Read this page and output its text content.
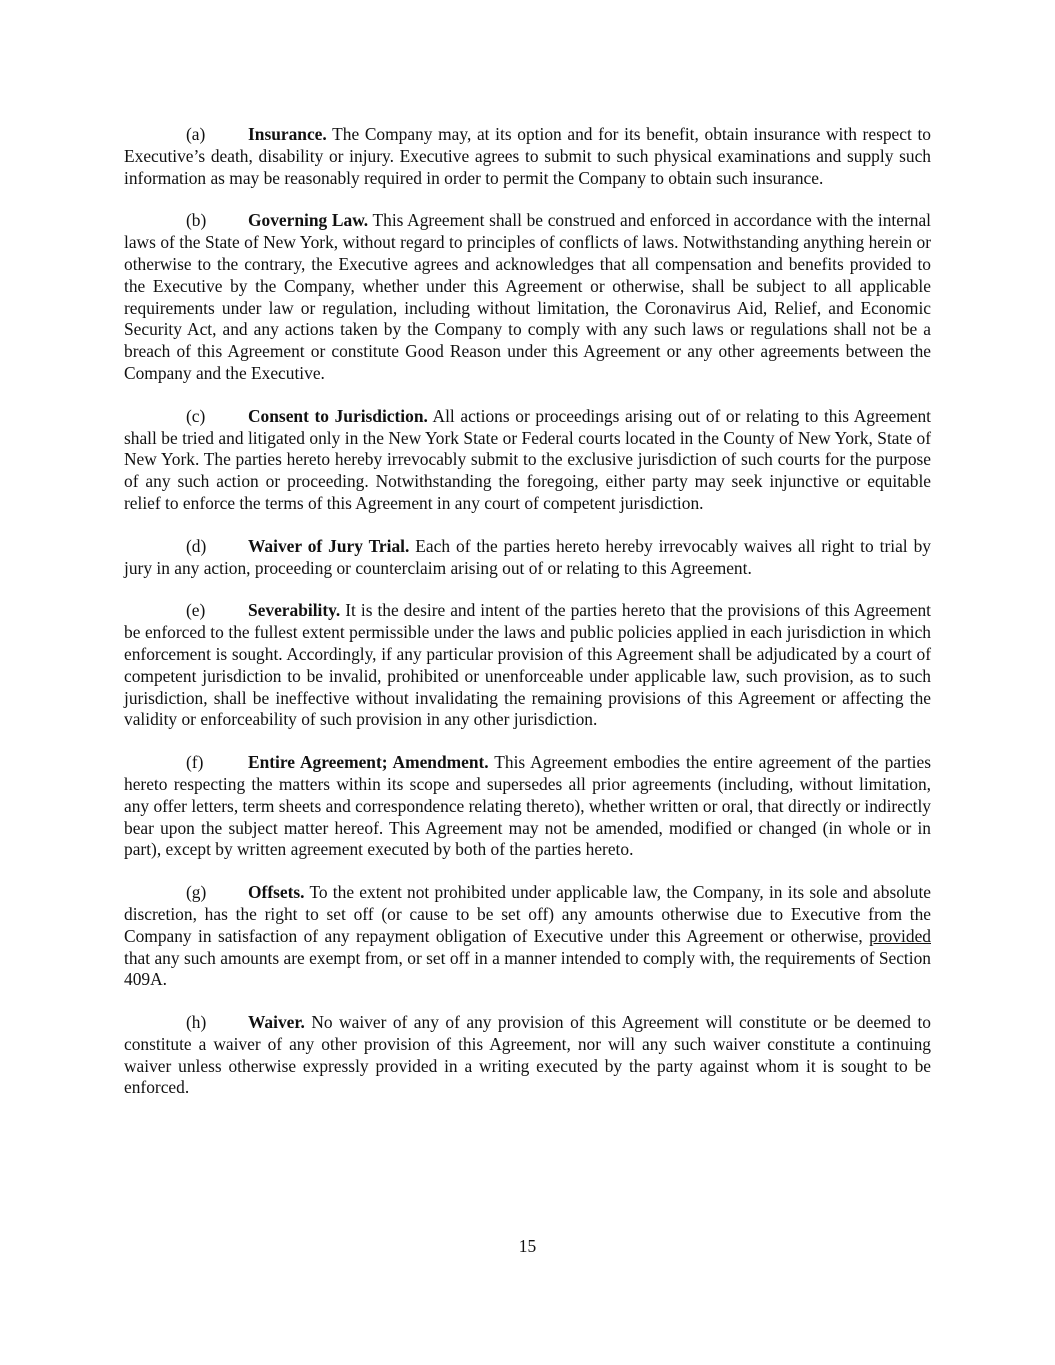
(a) Insurance. The Company may, at its option and for its benefit, obtain insurance with respect to Executive’s death, disability or injury. Executive agrees to submit to such physical examinations and supply such information as may be reasonably required in order to permit the Company to obtain such insurance.

(b) Governing Law. This Agreement shall be construed and enforced in accordance with the internal laws of the State of New York, without regard to principles of conflicts of laws. Notwithstanding anything herein or otherwise to the contrary, the Executive agrees and acknowledges that all compensation and benefits provided to the Executive by the Company, whether under this Agreement or otherwise, shall be subject to all applicable requirements under law or regulation, including without limitation, the Coronavirus Aid, Relief, and Economic Security Act, and any actions taken by the Company to comply with any such laws or regulations shall not be a breach of this Agreement or constitute Good Reason under this Agreement or any other agreements between the Company and the Executive.

(c) Consent to Jurisdiction. All actions or proceedings arising out of or relating to this Agreement shall be tried and litigated only in the New York State or Federal courts located in the County of New York, State of New York. The parties hereto hereby irrevocably submit to the exclusive jurisdiction of such courts for the purpose of any such action or proceeding. Notwithstanding the foregoing, either party may seek injunctive or equitable relief to enforce the terms of this Agreement in any court of competent jurisdiction.

(d) Waiver of Jury Trial. Each of the parties hereto hereby irrevocably waives all right to trial by jury in any action, proceeding or counterclaim arising out of or relating to this Agreement.

(e) Severability. It is the desire and intent of the parties hereto that the provisions of this Agreement be enforced to the fullest extent permissible under the laws and public policies applied in each jurisdiction in which enforcement is sought. Accordingly, if any particular provision of this Agreement shall be adjudicated by a court of competent jurisdiction to be invalid, prohibited or unenforceable under applicable law, such provision, as to such jurisdiction, shall be ineffective without invalidating the remaining provisions of this Agreement or affecting the validity or enforceability of such provision in any other jurisdiction.

(f)	Entire Agreement; Amendment. This Agreement embodies the entire agreement of the parties hereto respecting the matters within its scope and supersedes all prior agreements (including, without limitation, any offer letters, term sheets and correspondence relating thereto), whether written or oral, that directly or indirectly bear upon the subject matter hereof. This Agreement may not be amended, modified or changed (in whole or in part), except by written agreement executed by both of the parties hereto.

(g) Offsets. To the extent not prohibited under applicable law, the Company, in its sole and absolute discretion, has the right to set off (or cause to be set off) any amounts otherwise due to Executive from the Company in satisfaction of any repayment obligation of Executive under this Agreement or otherwise, provided that any such amounts are exempt from, or set off in a manner intended to comply with, the requirements of Section 409A.

(h) Waiver. No waiver of any of any provision of this Agreement will constitute or be deemed to constitute a waiver of any other provision of this Agreement, nor will any such waiver constitute a continuing waiver unless otherwise expressly provided in a writing executed by the party against whom it is sought to be enforced.

15
